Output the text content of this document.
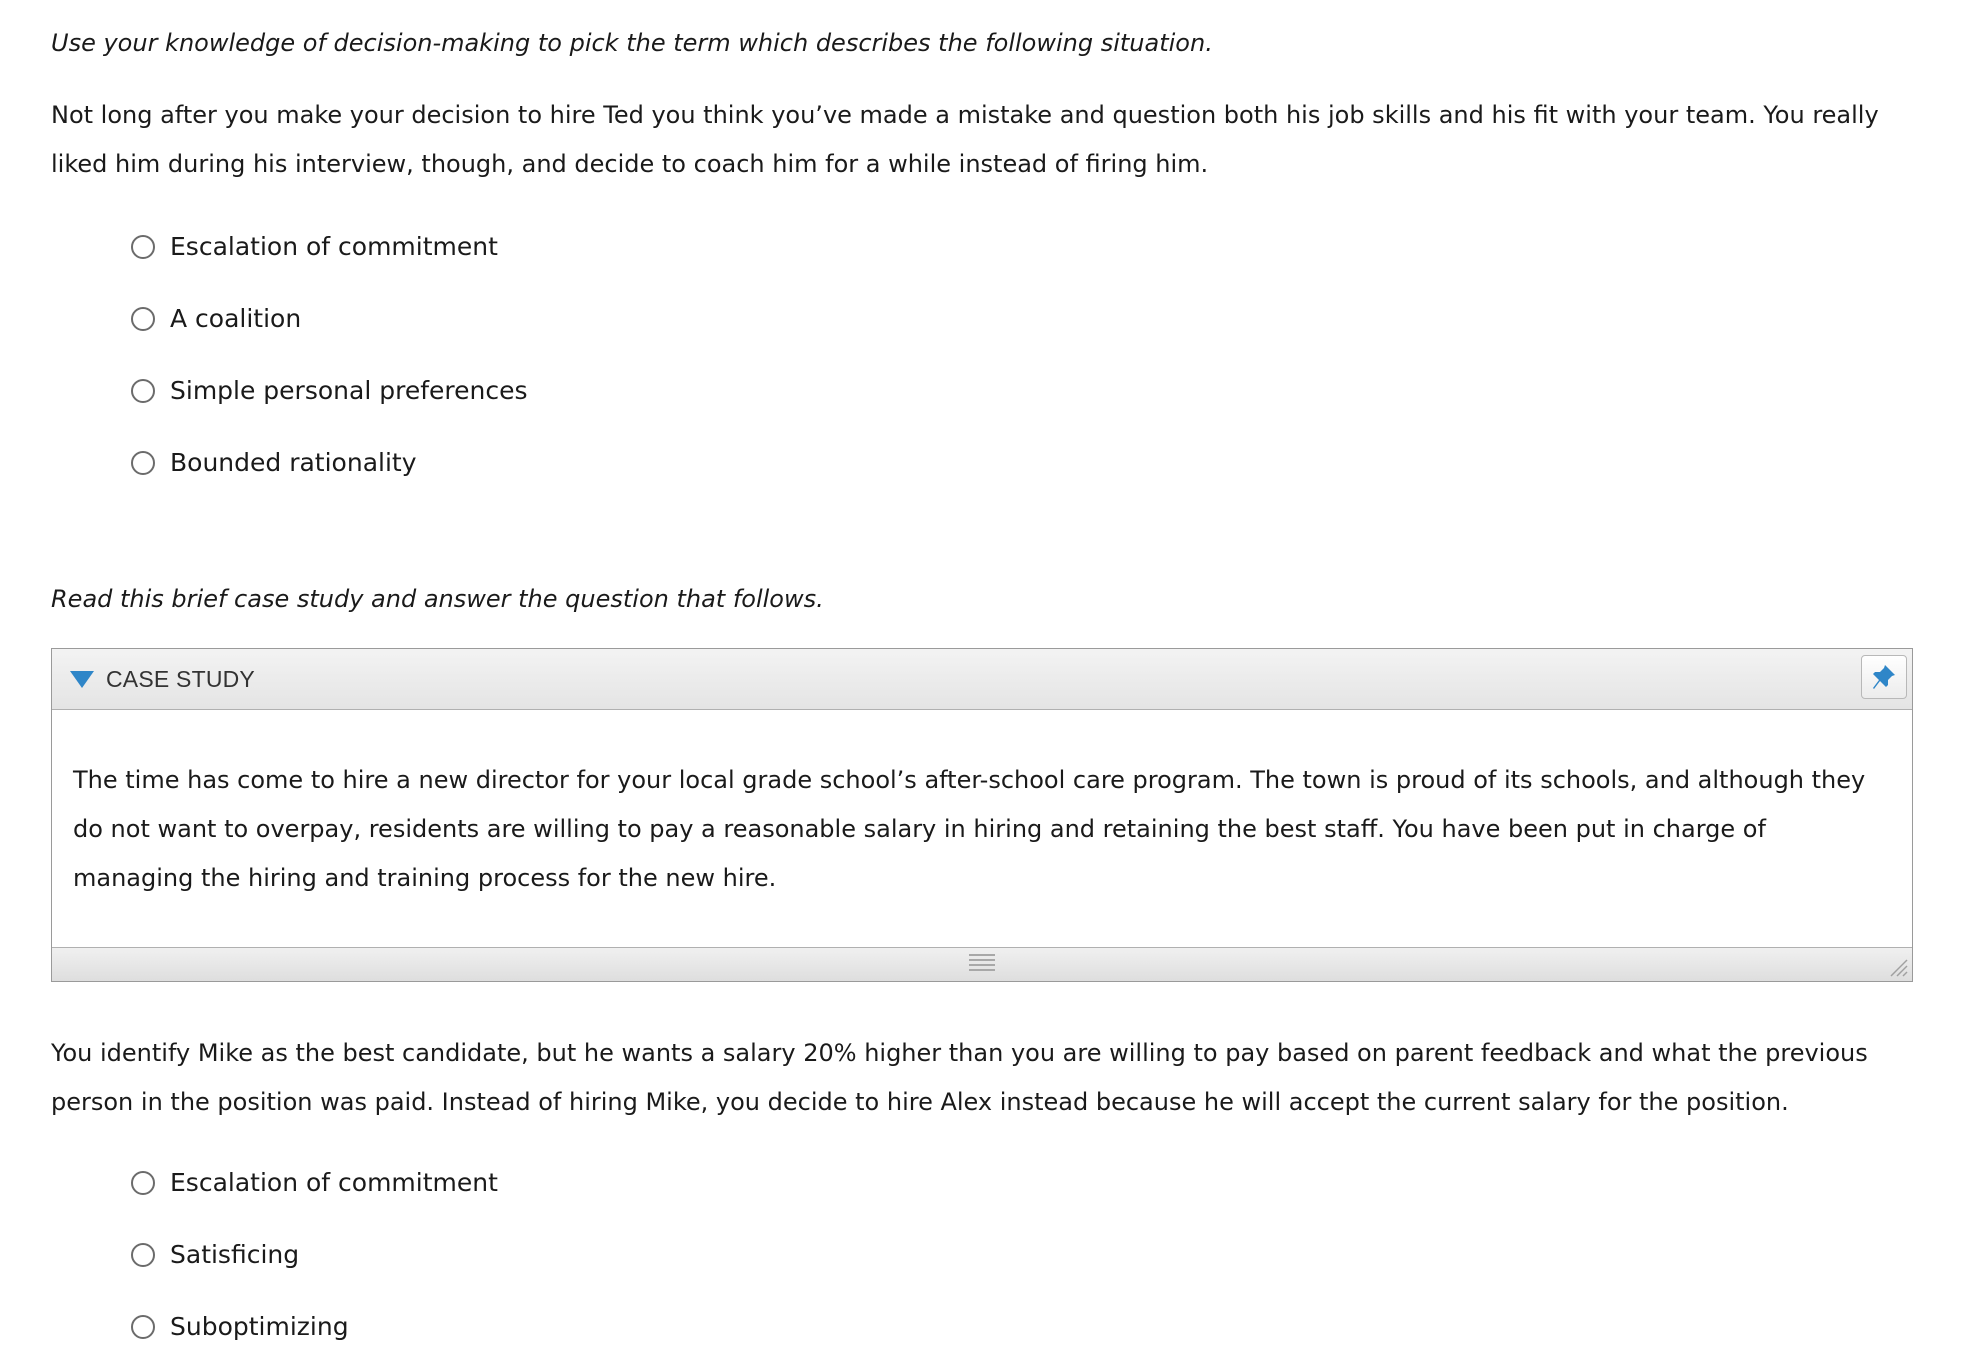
Use your knowledge of decision-making to pick the term which describes the following situation.
Not long after you make your decision to hire Ted you think you’ve made a mistake and question both his job skills and his fit with your team. You really liked him during his interview, though, and decide to coach him for a while instead of firing him.
Escalation of commitment
A coalition
Simple personal preferences
Bounded rationality
Read this brief case study and answer the question that follows.
CASE STUDY
The time has come to hire a new director for your local grade school’s after-school care program. The town is proud of its schools, and although they do not want to overpay, residents are willing to pay a reasonable salary in hiring and retaining the best staff. You have been put in charge of managing the hiring and training process for the new hire.
You identify Mike as the best candidate, but he wants a salary 20% higher than you are willing to pay based on parent feedback and what the previous person in the position was paid. Instead of hiring Mike, you decide to hire Alex instead because he will accept the current salary for the position.
Escalation of commitment
Satisficing
Suboptimizing
